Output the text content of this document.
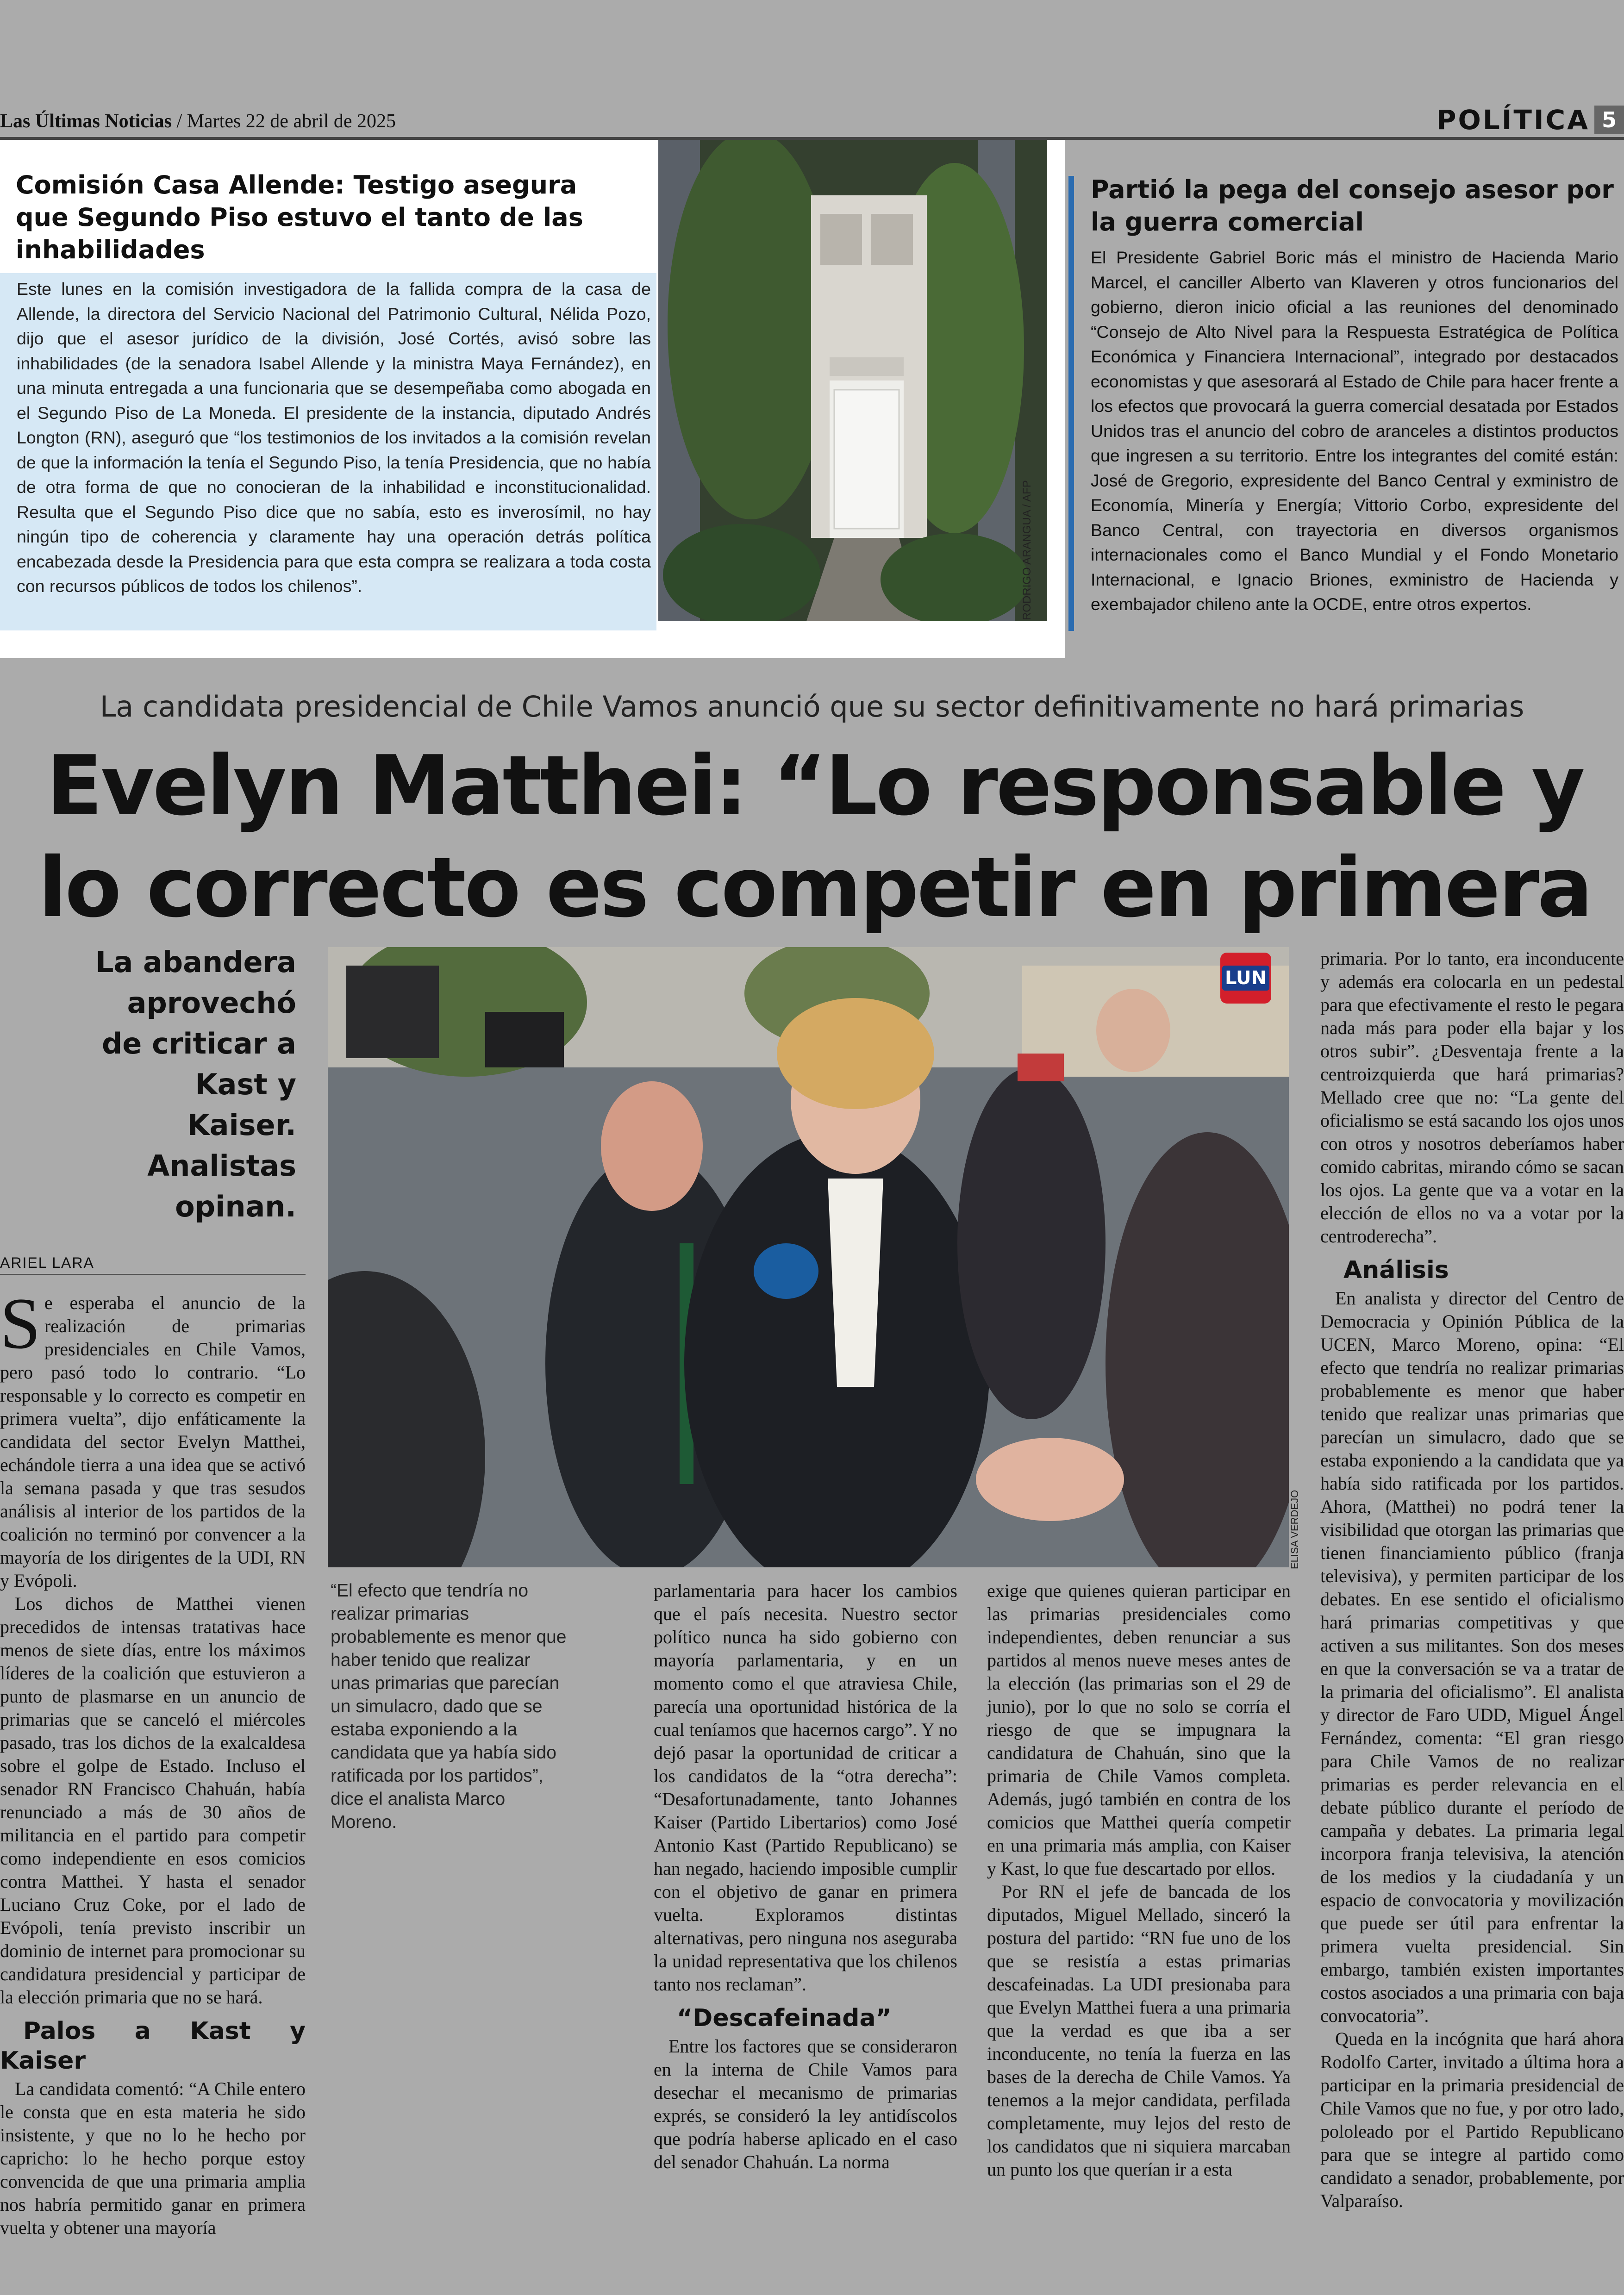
Las Últimas Noticias / Martes 22 de abril de 2025	POLÍTICA 5
Comisión Casa Allende: Testigo asegura que Segundo Piso estuvo el tanto de las inhabilidades
Este lunes en la comisión investigadora de la fallida compra de la casa de Allende, la directora del Servicio Nacional del Patrimonio Cultural, Nélida Pozo, dijo que el asesor jurídico de la división, José Cortés, avisó sobre las inhabilidades (de la senadora Isabel Allende y la ministra Maya Fernández), en una minuta entregada a una funcionaria que se desempeñaba como abogada en el Segundo Piso de La Moneda. El presidente de la instancia, diputado Andrés Longton (RN), aseguró que “los testimonios de los invitados a la comisión revelan de que la información la tenía el Segundo Piso, la tenía Presidencia, que no había de otra forma de que no conocieran de la inhabilidad e inconstitucionalidad. Resulta que el Segundo Piso dice que no sabía, esto es inverosímil, no hay ningún tipo de coherencia y claramente hay una operación detrás política encabezada desde la Presidencia para que esta compra se realizara a toda costa con recursos públicos de todos los chilenos”.	RODRIGO ARANGUA / AFP
Partió la pega del consejo asesor por la guerra comercial
El Presidente Gabriel Boric más el ministro de Hacienda Mario Marcel, el canciller Alberto van Klaveren y otros funcionarios del gobierno, dieron inicio oficial a las reuniones del denominado “Consejo de Alto Nivel para la Respuesta Estratégica de Política Económica y Financiera Internacional”, integrado por destacados economistas y que asesorará al Estado de Chile para hacer frente a los efectos que provocará la guerra comercial desatada por Estados Unidos tras el anuncio del cobro de aranceles a distintos productos que ingresen a su territorio. Entre los integrantes del comité están: José de Gregorio, expresidente del Banco Central y exministro de Economía, Minería y Energía; Vittorio Corbo, expresidente del Banco Central, con trayectoria en diversos organismos internacionales como el Banco Mundial y el Fondo Monetario Internacional, e Ignacio Briones, exministro de Hacienda y exembajador chileno ante la OCDE, entre otros expertos.
La candidata presidencial de Chile Vamos anunció que su sector definitivamente no hará primarias
Evelyn Matthei: “Lo responsable y lo correcto es competir en primera
La abandera aprovechó de criticar a Kast y Kaiser. Analistas opinan.
ARIEL LARA

Se esperaba el anuncio de la realización de primarias presidenciales en Chile Vamos, pero pasó todo lo contrario. “Lo responsable y lo correcto es competir en primera vuelta”, dijo enfáticamente la candidata del sector Evelyn Matthei, echándole tierra a una idea que se activó la semana pasada y que tras sesudos análisis al interior de los partidos de la coalición no terminó por convencer a la mayoría de los dirigentes de la UDI, RN y Evópoli.

Los dichos de Matthei vienen precedidos de intensas tratativas hace menos de siete días, entre los máximos líderes de la coalición que estuvieron a punto de plasmarse en un anuncio de primarias que se canceló el miércoles pasado, tras los dichos de la exalcaldesa sobre el golpe de Estado. Incluso el senador RN Francisco Chahuán, había renunciado a más de 30 años de militancia en el partido para competir como independiente en esos comicios contra Matthei. Y hasta el senador Luciano Cruz Coke, por el lado de Evópoli, tenía previsto inscribir un dominio de internet para promocionar su candidatura presidencial y participar de la elección primaria que no se hará.

Palos a Kast y Kaiser

La candidata comentó: “A Chile entero le consta que en esta materia he sido insistente, y que no lo he hecho por capricho: lo he hecho porque estoy convencida de que una primaria amplia nos habría permitido ganar en primera vuelta y obtener una mayoría

LUN
ELISA VERDEJO
“El efecto que tendría no realizar primarias probablemente es menor que haber tenido que realizar unas primarias que parecían un simulacro, dado que se estaba exponiendo a la candidata que ya había sido ratificada por los partidos”, dice el analista Marco Moreno.

parlamentaria para hacer los cambios que el país necesita. Nuestro sector político nunca ha sido gobierno con mayoría parlamentaria, y en un momento como el que atraviesa Chile, parecía una oportunidad histórica de la cual teníamos que hacernos cargo”. Y no dejó pasar la oportunidad de criticar a los candidatos de la “otra derecha”: “Desafortunadamente, tanto Johannes Kaiser (Partido Libertarios) como José Antonio Kast (Partido Republicano) se han negado, haciendo imposible cumplir con el objetivo de ganar en primera vuelta. Exploramos distintas alternativas, pero ninguna nos aseguraba la unidad representativa que los chilenos tanto nos reclaman”.

“Descafeinada”

Entre los factores que se consideraron en la interna de Chile Vamos para desechar el mecanismo de primarias exprés, se consideró la ley antidíscolos que podría haberse aplicado en el caso del senador Chahuán. La norma

exige que quienes quieran participar en las primarias presidenciales como independientes, deben renunciar a sus partidos al menos nueve meses antes de la elección (las primarias son el 29 de junio), por lo que no solo se corría el riesgo de que se impugnara la candidatura de Chahuán, sino que la primaria de Chile Vamos completa. Además, jugó también en contra de los comicios que Matthei quería competir en una primaria más amplia, con Kaiser y Kast, lo que fue descartado por ellos.

Por RN el jefe de bancada de los diputados, Miguel Mellado, sinceró la postura del partido: “RN fue uno de los que se resistía a estas primarias descafeinadas. La UDI presionaba para que Evelyn Matthei fuera a una primaria que la verdad es que iba a ser inconducente, no tenía la fuerza en las bases de la derecha de Chile Vamos. Ya tenemos a la mejor candidata, perfilada completamente, muy lejos del resto de los candidatos que ni siquiera marcaban un punto los que querían ir a esta

primaria. Por lo tanto, era inconducente y además era colocarla en un pedestal para que efectivamente el resto le pegara nada más para poder ella bajar y los otros subir”. ¿Desventaja frente a la centroizquierda que hará primarias? Mellado cree que no: “La gente del oficialismo se está sacando los ojos unos con otros y nosotros deberíamos haber comido cabritas, mirando cómo se sacan los ojos. La gente que va a votar en la elección de ellos no va a votar por la centroderecha”.

Análisis

En analista y director del Centro de Democracia y Opinión Pública de la UCEN, Marco Moreno, opina: “El efecto que tendría no realizar primarias probablemente es menor que haber tenido que realizar unas primarias que parecían un simulacro, dado que se estaba exponiendo a la candidata que ya había sido ratificada por los partidos. Ahora, (Matthei) no podrá tener la visibilidad que otorgan las primarias que tienen financiamiento público (franja televisiva), y permiten participar de los debates. En ese sentido el oficialismo hará primarias competitivas y que activen a sus militantes. Son dos meses en que la conversación se va a tratar de la primaria del oficialismo”. El analista y director de Faro UDD, Miguel Ángel Fernández, comenta: “El gran riesgo para Chile Vamos de no realizar primarias es perder relevancia en el debate público durante el período de campaña y debates. La primaria legal incorpora franja televisiva, la atención de los medios y la ciudadanía y un espacio de convocatoria y movilización que puede ser útil para enfrentar la primera vuelta presidencial. Sin embargo, también existen importantes costos asociados a una primaria con baja convocatoria”.

Queda en la incógnita que hará ahora Rodolfo Carter, invitado a última hora a participar en la primaria presidencial de Chile Vamos que no fue, y por otro lado, pololeado por el Partido Republicano para que se integre al partido como candidato a senador, probablemente, por Valparaíso.
